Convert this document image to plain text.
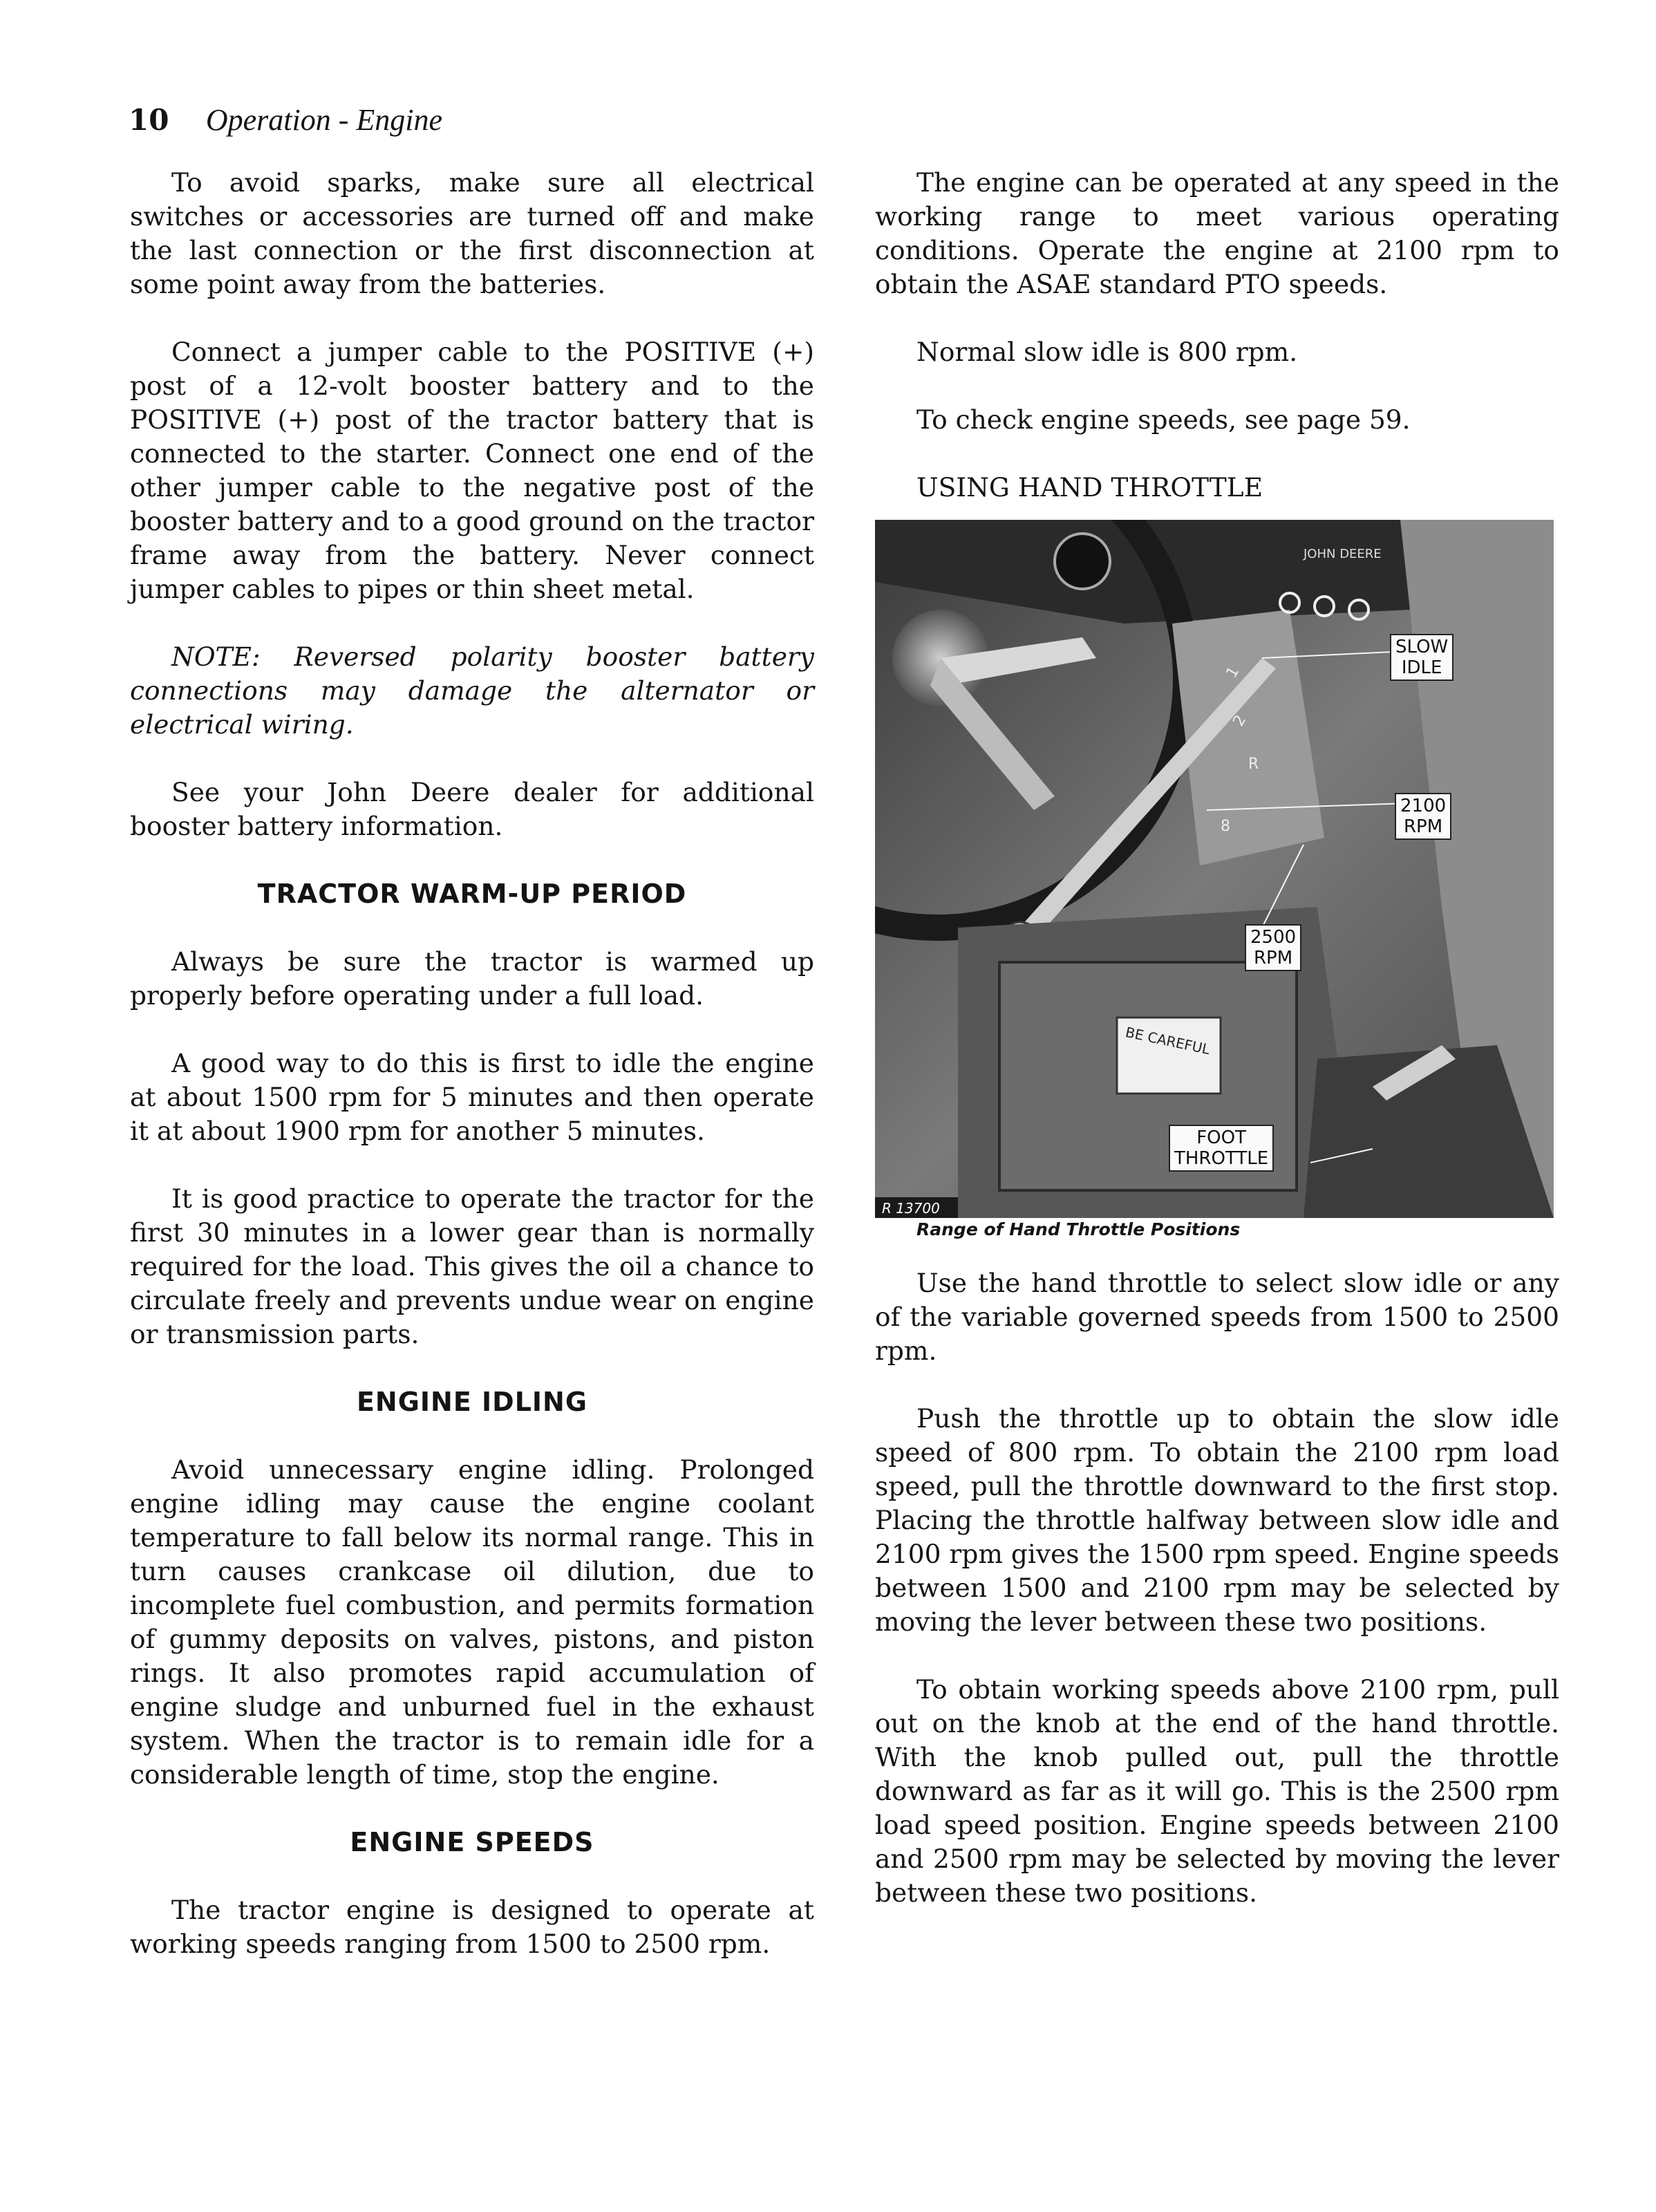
10 Operation - Engine

To avoid sparks, make sure all electrical switches or accessories are turned off and make the last connection or the first disconnection at some point away from the batteries.

Connect a jumper cable to the POSITIVE (+) post of a 12-volt booster battery and to the POSITIVE (+) post of the tractor battery that is connected to the starter. Connect one end of the other jumper cable to the negative post of the booster battery and to a good ground on the tractor frame away from the battery. Never connect jumper cables to pipes or thin sheet metal.

NOTE: Reversed polarity booster battery connections may damage the alternator or electrical wiring.

See your John Deere dealer for additional booster battery information.

TRACTOR WARM-UP PERIOD

Always be sure the tractor is warmed up properly before operating under a full load.

A good way to do this is first to idle the engine at about 1500 rpm for 5 minutes and then operate it at about 1900 rpm for another 5 minutes.

It is good practice to operate the tractor for the first 30 minutes in a lower gear than is normally required for the load. This gives the oil a chance to circulate freely and prevents undue wear on engine or transmission parts.

ENGINE IDLING

Avoid unnecessary engine idling. Prolonged engine idling may cause the engine coolant temperature to fall below its normal range. This in turn causes crankcase oil dilution, due to incomplete fuel combustion, and permits formation of gummy deposits on valves, pistons, and piston rings. It also promotes rapid accumulation of engine sludge and unburned fuel in the exhaust system. When the tractor is to remain idle for a considerable length of time, stop the engine.

ENGINE SPEEDS

The tractor engine is designed to operate at working speeds ranging from 1500 to 2500 rpm.

The engine can be operated at any speed in the working range to meet various operating conditions. Operate the engine at 2100 rpm to obtain the ASAE standard PTO speeds.

Normal slow idle is 800 rpm.

To check engine speeds, see page 59.

USING HAND THROTTLE

1
2
R
8
BE CAREFUL
JOHN DEERE
R 13700
SLOW
IDLE
2100
RPM
2500
RPM
FOOT
THROTTLE

Range of Hand Throttle Positions

Use the hand throttle to select slow idle or any of the variable governed speeds from 1500 to 2500 rpm.

Push the throttle up to obtain the slow idle speed of 800 rpm. To obtain the 2100 rpm load speed, pull the throttle downward to the first stop. Placing the throttle halfway between slow idle and 2100 rpm gives the 1500 rpm speed. Engine speeds between 1500 and 2100 rpm may be selected by moving the lever between these two positions.

To obtain working speeds above 2100 rpm, pull out on the knob at the end of the hand throttle. With the knob pulled out, pull the throttle downward as far as it will go. This is the 2500 rpm load speed position. Engine speeds between 2100 and 2500 rpm may be selected by moving the lever between these two positions.
